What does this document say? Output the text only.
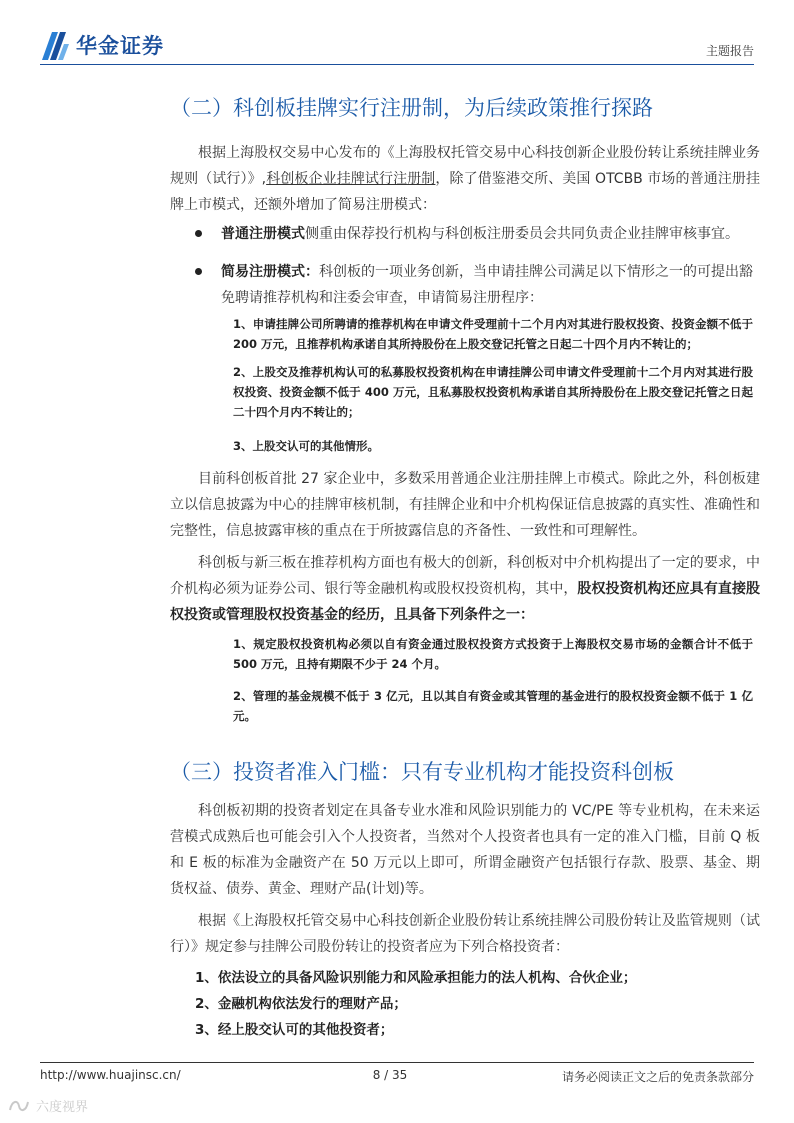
华金证券	主题报告
（二）科创板挂牌实行注册制，为后续政策推行探路

根据上海股权交易中心发布的《上海股权托管交易中心科技创新企业股份转让系统挂牌业务规则（试行）》,科创板企业挂牌试行注册制，除了借鉴港交所、美国 OTCBB 市场的普通注册挂牌上市模式，还额外增加了简易注册模式：

普通注册模式侧重由保荐投行机构与科创板注册委员会共同负责企业挂牌审核事宜。
简易注册模式：科创板的一项业务创新，当申请挂牌公司满足以下情形之一的可提出豁免聘请推荐机构和注委会审查，申请简易注册程序：

1、申请挂牌公司所聘请的推荐机构在申请文件受理前十二个月内对其进行股权投资、投资金额不低于 200 万元，且推荐机构承诺自其所持股份在上股交登记托管之日起二十四个月内不转让的；

2、上股交及推荐机构认可的私募股权投资机构在申请挂牌公司申请文件受理前十二个月内对其进行股权投资、投资金额不低于 400 万元，且私募股权投资机构承诺自其所持股份在上股交登记托管之日起二十四个月内不转让的；

3、上股交认可的其他情形。

目前科创板首批 27 家企业中，多数采用普通企业注册挂牌上市模式。除此之外，科创板建立以信息披露为中心的挂牌审核机制，有挂牌企业和中介机构保证信息披露的真实性、准确性和完整性，信息披露审核的重点在于所披露信息的齐备性、一致性和可理解性。

科创板与新三板在推荐机构方面也有极大的创新，科创板对中介机构提出了一定的要求，中介机构必须为证券公司、银行等金融机构或股权投资机构，其中，股权投资机构还应具有直接股权投资或管理股权投资基金的经历，且具备下列条件之一：

1、规定股权投资机构必须以自有资金通过股权投资方式投资于上海股权交易市场的金额合计不低于 500 万元，且持有期限不少于 24 个月。

2、管理的基金规模不低于 3 亿元，且以其自有资金或其管理的基金进行的股权投资金额不低于 1 亿元。

（三）投资者准入门槛：只有专业机构才能投资科创板

科创板初期的投资者划定在具备专业水准和风险识别能力的 VC/PE 等专业机构，在未来运营模式成熟后也可能会引入个人投资者，当然对个人投资者也具有一定的准入门槛，目前 Q 板和 E 板的标准为金融资产在 50 万元以上即可，所谓金融资产包括银行存款、股票、基金、期货权益、债券、黄金、理财产品(计划)等。

根据《上海股权托管交易中心科技创新企业股份转让系统挂牌公司股份转让及监管规则（试行）》规定参与挂牌公司股份转让的投资者应为下列合格投资者：

1、依法设立的具备风险识别能力和风险承担能力的法人机构、合伙企业；
2、金融机构依法发行的理财产品；
3、经上股交认可的其他投资者；
http://www.huajinsc.cn/	8 / 35	请务必阅读正文之后的免责条款部分
六度视界
